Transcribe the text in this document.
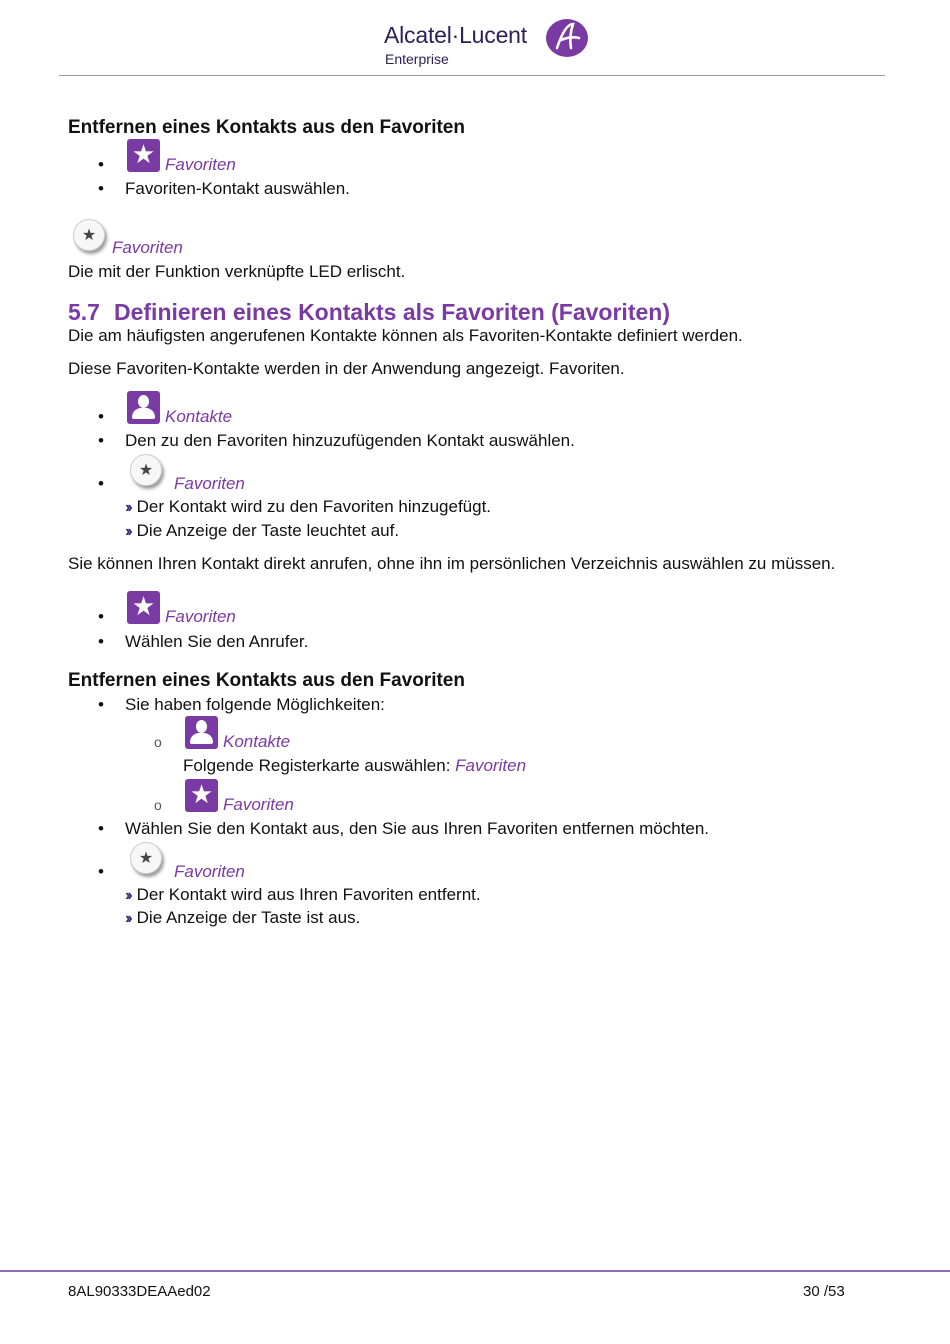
Alcatel·Lucent
Enterprise
Entfernen eines Kontakts aus den Favoriten
★
Favoriten
• Favoriten-Kontakt auswählen.
★
Favoriten
Die mit der Funktion verknüpfte LED erlischt.
5.7 Definieren eines Kontakts als Favoriten (Favoriten)
Die am häufigsten angerufenen Kontakte können als Favoriten-Kontakte definiert werden.
Diese Favoriten-Kontakte werden in der Anwendung angezeigt. Favoriten.
Kontakte
• Den zu den Favoriten hinzuzufügenden Kontakt auswählen.
★
Favoriten
›› Der Kontakt wird zu den Favoriten hinzugefügt.
›› Die Anzeige der Taste leuchtet auf.
Sie können Ihren Kontakt direkt anrufen, ohne ihn im persönlichen Verzeichnis auswählen zu müssen.
★
Favoriten
• Wählen Sie den Anrufer.
Entfernen eines Kontakts aus den Favoriten
• Sie haben folgende Möglichkeiten:
Kontakte
Folgende Registerkarte auswählen: Favoriten
★
Favoriten
• Wählen Sie den Kontakt aus, den Sie aus Ihren Favoriten entfernen möchten.
★
Favoriten
›› Der Kontakt wird aus Ihren Favoriten entfernt.
›› Die Anzeige der Taste ist aus.
8AL90333DEAAed02	30 /53
